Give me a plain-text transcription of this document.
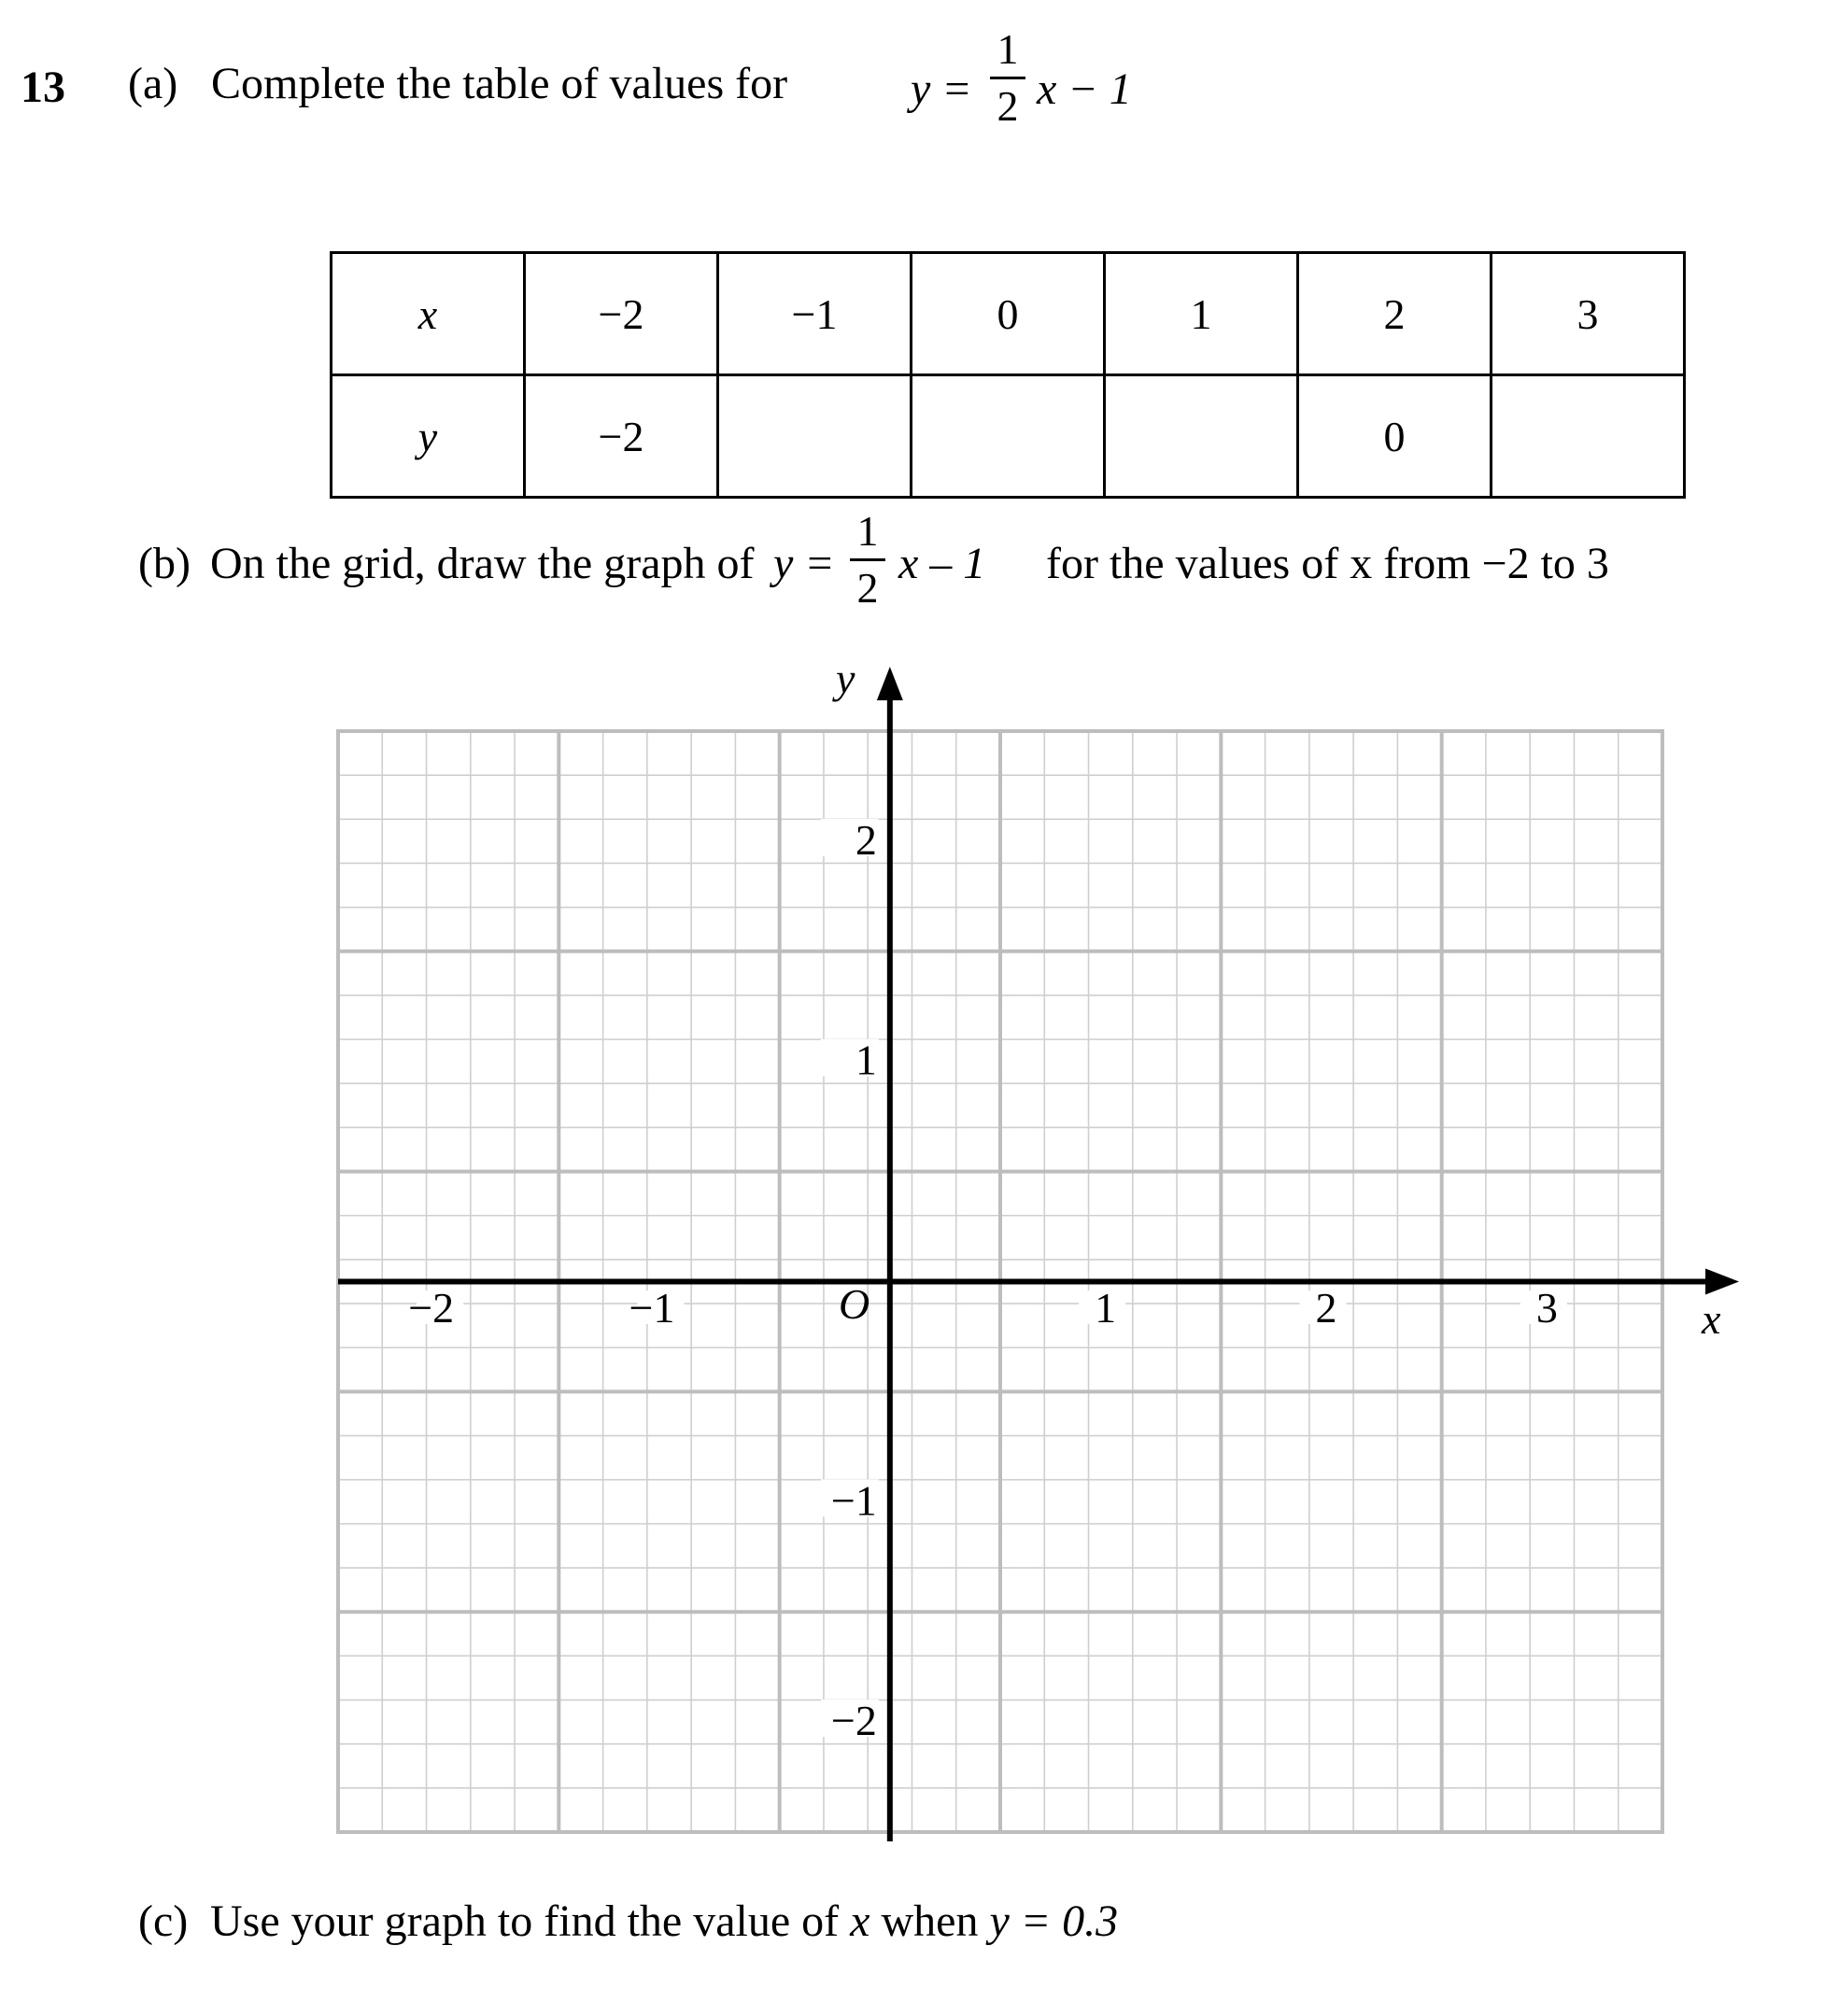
13 (a) Complete the table of values for	y =
1
2 x − 1
x	−2	−1	0	1	2	3
y	−2				0	
(b) On the grid, draw the graph of y =
1
2 x – 1 for the values of x from −2 to 3
x
y
O
−2	−1	1	2	3
2
1
−1
−2
(c) Use your graph to find the value of x when y = 0.3
